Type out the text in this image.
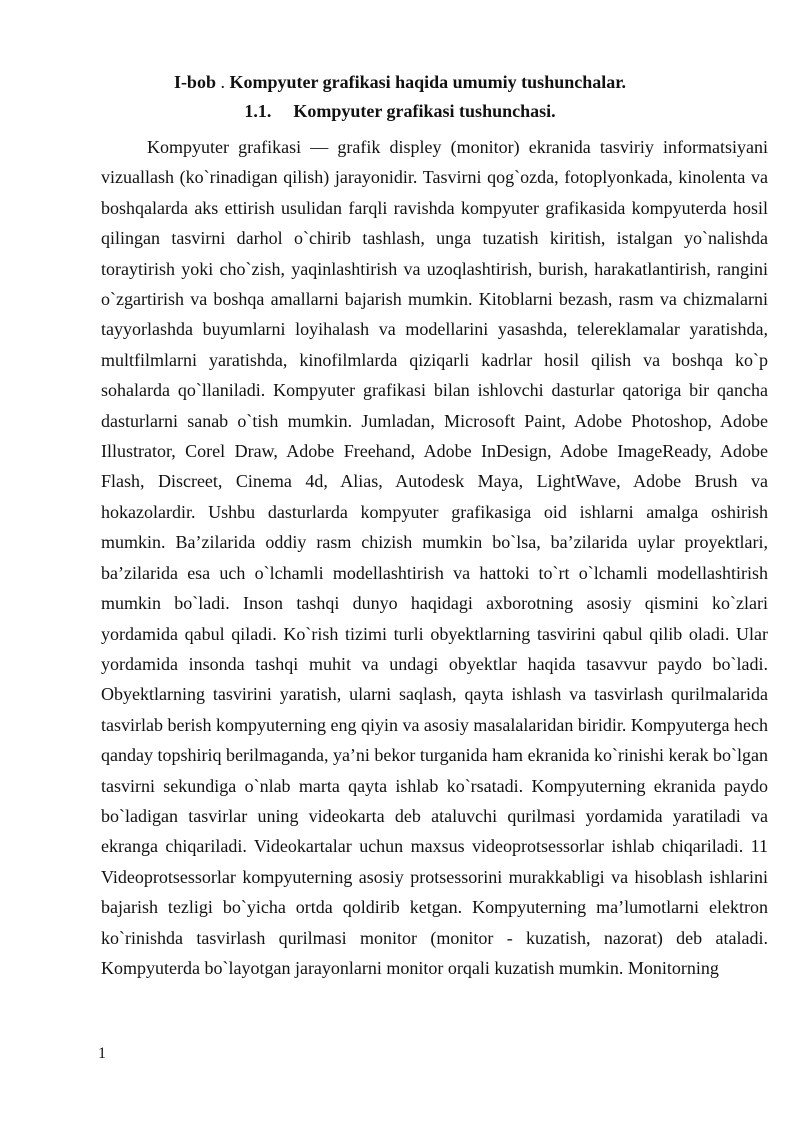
I-bob . Kompyuter grafikasi haqida umumiy tushunchalar.
1.1. Kompyuter grafikasi tushunchasi.

Kompyuter grafikasi — grafik displey (monitor) ekranida tasviriy informatsiyani vizuallash (ko`rinadigan qilish) jarayonidir. Tasvirni qog`ozda, fotoplyonkada, kinolenta va boshqalarda aks ettirish usulidan farqli ravishda kompyuter grafikasida kompyuterda hosil qilingan tasvirni darhol o`chirib tashlash, unga tuzatish kiritish, istalgan yo`nalishda toraytirish yoki cho`zish, yaqinlashtirish va uzoqlashtirish, burish, harakatlantirish, rangini o`zgartirish va boshqa amallarni bajarish mumkin. Kitoblarni bezash, rasm va chizmalarni tayyorlashda buyumlarni loyihalash va modellarini yasashda, telereklamalar yaratishda, multfilmlarni yaratishda, kinofilmlarda qiziqarli kadrlar hosil qilish va boshqa ko`p sohalarda qo`llaniladi. Kompyuter grafikasi bilan ishlovchi dasturlar qatoriga bir qancha dasturlarni sanab o`tish mumkin. Jumladan, Microsoft Paint, Adobe Photoshop, Adobe Illustrator, Corel Draw, Adobe Freehand, Adobe InDesign, Adobe ImageReady, Adobe Flash, Discreet, Cinema 4d, Alias, Autodesk Maya, LightWave, Adobe Brush va hokazolardir. Ushbu dasturlarda kompyuter grafikasiga oid ishlarni amalga oshirish mumkin. Ba’zilarida oddiy rasm chizish mumkin bo`lsa, ba’zilarida uylar proyektlari, ba’zilarida esa uch o`lchamli modellashtirish va hattoki to`rt o`lchamli modellashtirish mumkin bo`ladi. Inson tashqi dunyo haqidagi axborotning asosiy qismini ko`zlari yordamida qabul qiladi. Ko`rish tizimi turli obyektlarning tasvirini qabul qilib oladi. Ular yordamida insonda tashqi muhit va undagi obyektlar haqida tasavvur paydo bo`ladi. Obyektlarning tasvirini yaratish, ularni saqlash, qayta ishlash va tasvirlash qurilmalarida tasvirlab berish kompyuterning eng qiyin va asosiy masalalaridan biridir. Kompyuterga hech qanday topshiriq berilmaganda, ya’ni bekor turganida ham ekranida ko`rinishi kerak bo`lgan tasvirni sekundiga o`nlab marta qayta ishlab ko`rsatadi. Kompyuterning ekranida paydo bo`ladigan tasvirlar uning videokarta deb ataluvchi qurilmasi yordamida yaratiladi va ekranga chiqariladi. Videokartalar uchun maxsus videoprotsessorlar ishlab chiqariladi. 11 Videoprotsessorlar kompyuterning asosiy protsessorini murakkabligi va hisoblash ishlarini bajarish tezligi bo`yicha ortda qoldirib ketgan. Kompyuterning ma’lumotlarni elektron ko`rinishda tasvirlash qurilmasi monitor (monitor - kuzatish, nazorat) deb ataladi. Kompyuterda bo`layotgan jarayonlarni monitor orqali kuzatish mumkin. Monitorning

1
